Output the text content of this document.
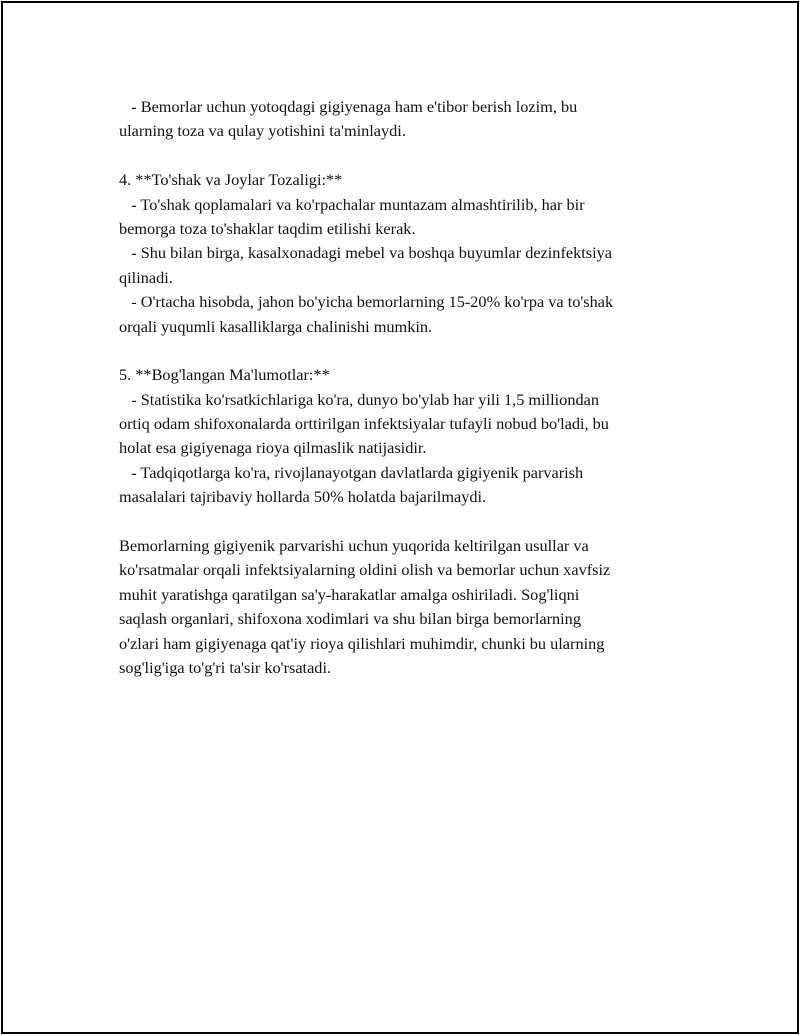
- Bemorlar uchun yotoqdagi gigiyenaga ham e'tibor berish lozim, bu
ularning toza va qulay yotishini ta'minlaydi.
4. **To'shak va Joylar Tozaligi:**
- To'shak qoplamalari va ko'rpachalar muntazam almashtirilib, har bir
bemorga toza to'shaklar taqdim etilishi kerak.
- Shu bilan birga, kasalxonadagi mebel va boshqa buyumlar dezinfektsiya
qilinadi.
- O'rtacha hisobda, jahon bo'yicha bemorlarning 15-20% ko'rpa va to'shak
orqali yuqumli kasalliklarga chalinishi mumkin.
5. **Bog'langan Ma'lumotlar:**
- Statistika ko'rsatkichlariga ko'ra, dunyo bo'ylab har yili 1,5 milliondan
ortiq odam shifoxonalarda orttirilgan infektsiyalar tufayli nobud bo'ladi, bu
holat esa gigiyenaga rioya qilmaslik natijasidir.
- Tadqiqotlarga ko'ra, rivojlanayotgan davlatlarda gigiyenik parvarish
masalalari tajribaviy hollarda 50% holatda bajarilmaydi.
Bemorlarning gigiyenik parvarishi uchun yuqorida keltirilgan usullar va
ko'rsatmalar orqali infektsiyalarning oldini olish va bemorlar uchun xavfsiz
muhit yaratishga qaratilgan sa'y-harakatlar amalga oshiriladi. Sog'liqni
saqlash organlari, shifoxona xodimlari va shu bilan birga bemorlarning
o'zlari ham gigiyenaga qat'iy rioya qilishlari muhimdir, chunki bu ularning
sog'lig'iga to'g'ri ta'sir ko'rsatadi.
